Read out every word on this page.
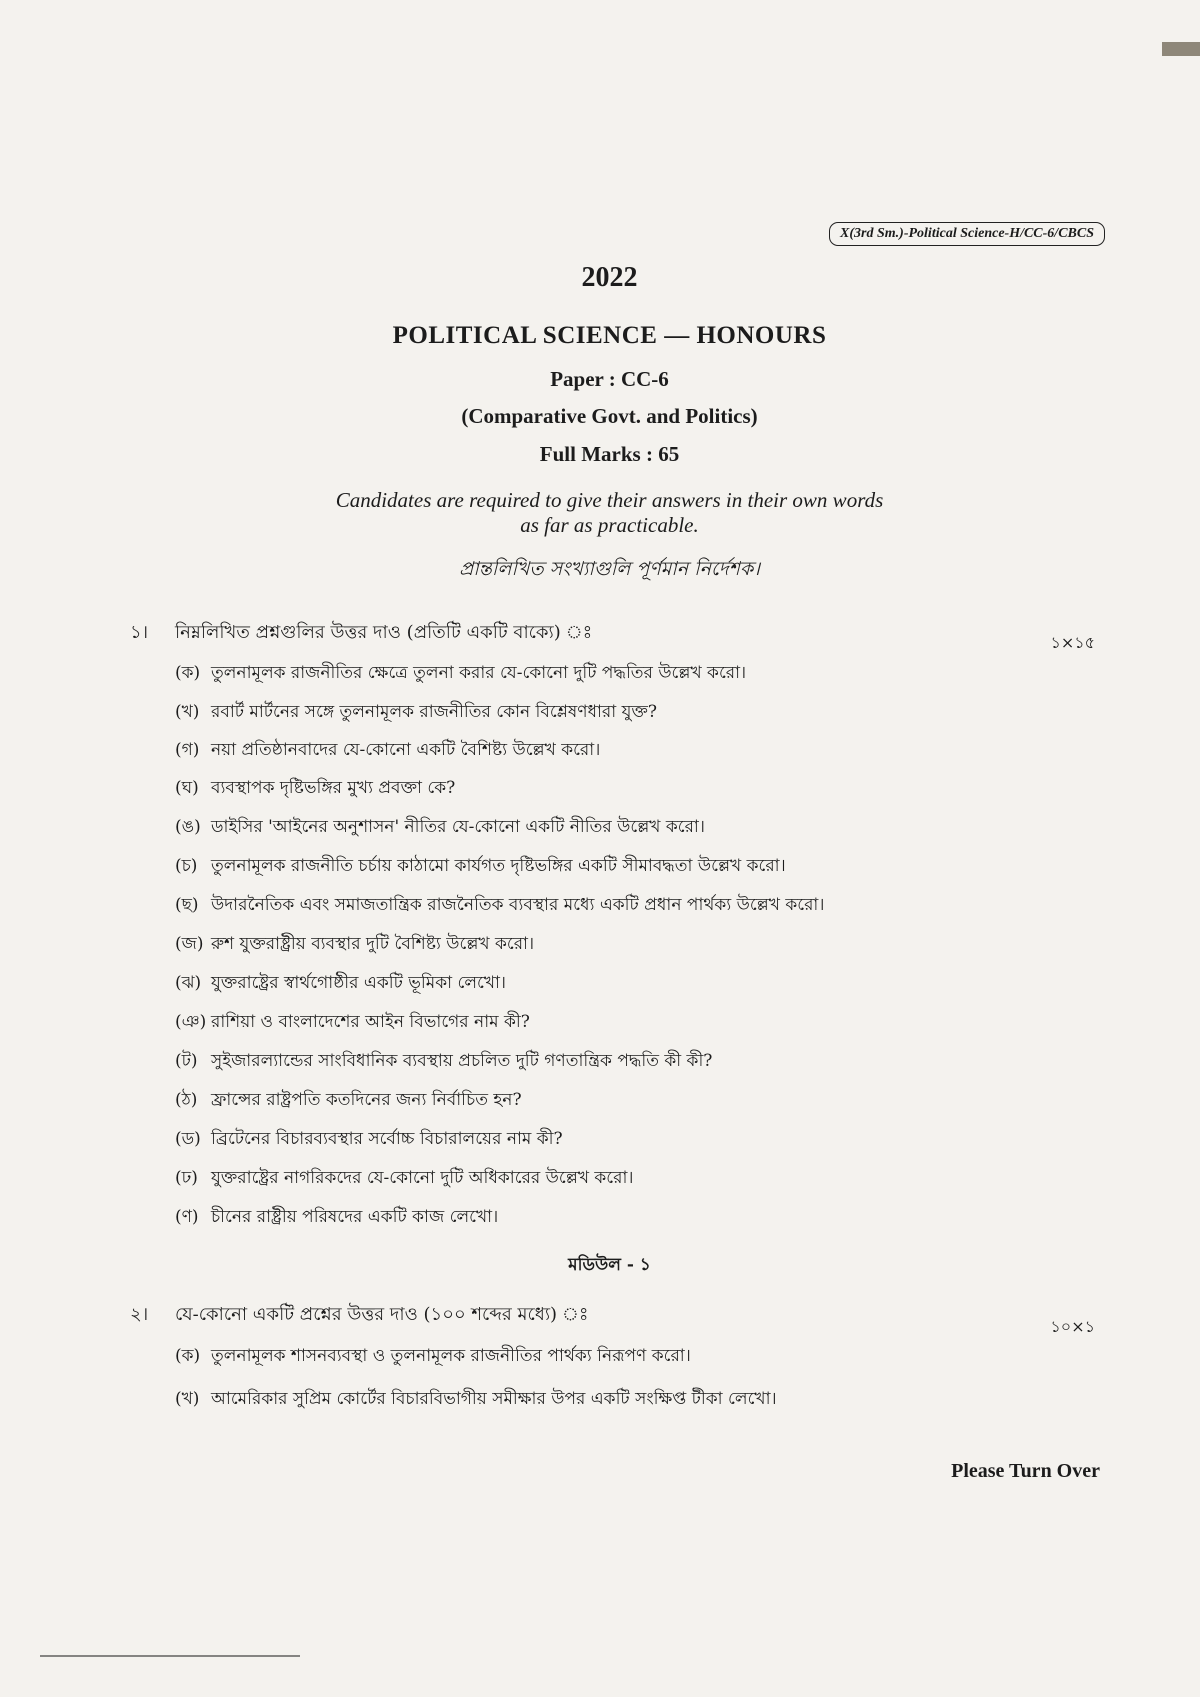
X(3rd Sm.)-Political Science-H/CC-6/CBCS
2022
POLITICAL SCIENCE — HONOURS
Paper : CC-6
(Comparative Govt. and Politics)
Full Marks : 65
Candidates are required to give their answers in their own words
as far as practicable.
প্রান্তলিখিত সংখ্যাগুলি পূর্ণমান নির্দেশক।
১। নিম্নলিখিত প্রশ্নগুলির উত্তর দাও (প্রতিটি একটি বাক্যে) ঃ	১×১৫
(ক) তুলনামূলক রাজনীতির ক্ষেত্রে তুলনা করার যে-কোনো দুটি পদ্ধতির উল্লেখ করো।
(খ) রবার্ট মার্টনের সঙ্গে তুলনামূলক রাজনীতির কোন বিশ্লেষণধারা যুক্ত?
(গ) নয়া প্রতিষ্ঠানবাদের যে-কোনো একটি বৈশিষ্ট্য উল্লেখ করো।
(ঘ) ব্যবস্থাপক দৃষ্টিভঙ্গির মুখ্য প্রবক্তা কে?
(ঙ) ডাইসির 'আইনের অনুশাসন' নীতির যে-কোনো একটি নীতির উল্লেখ করো।
(চ) তুলনামূলক রাজনীতি চর্চায় কাঠামো কার্যগত দৃষ্টিভঙ্গির একটি সীমাবদ্ধতা উল্লেখ করো।
(ছ) উদারনৈতিক এবং সমাজতান্ত্রিক রাজনৈতিক ব্যবস্থার মধ্যে একটি প্রধান পার্থক্য উল্লেখ করো।
(জ) রুশ যুক্তরাষ্ট্রীয় ব্যবস্থার দুটি বৈশিষ্ট্য উল্লেখ করো।
(ঝ) যুক্তরাষ্ট্রের স্বার্থগোষ্ঠীর একটি ভূমিকা লেখো।
(ঞ) রাশিয়া ও বাংলাদেশের আইন বিভাগের নাম কী?
(ট) সুইজারল্যান্ডের সাংবিধানিক ব্যবস্থায় প্রচলিত দুটি গণতান্ত্রিক পদ্ধতি কী কী?
(ঠ) ফ্রান্সের রাষ্ট্রপতি কতদিনের জন্য নির্বাচিত হন?
(ড) ব্রিটেনের বিচারব্যবস্থার সর্বোচ্চ বিচারালয়ের নাম কী?
(ঢ) যুক্তরাষ্ট্রের নাগরিকদের যে-কোনো দুটি অধিকারের উল্লেখ করো।
(ণ) চীনের রাষ্ট্রীয় পরিষদের একটি কাজ লেখো।
মডিউল - ১
২। যে-কোনো একটি প্রশ্নের উত্তর দাও (১০০ শব্দের মধ্যে) ঃ
১০×১
(ক) তুলনামূলক শাসনব্যবস্থা ও তুলনামূলক রাজনীতির পার্থক্য নিরূপণ করো।
(খ) আমেরিকার সুপ্রিম কোর্টের বিচারবিভাগীয় সমীক্ষার উপর একটি সংক্ষিপ্ত টীকা লেখো।
Please Turn Over
